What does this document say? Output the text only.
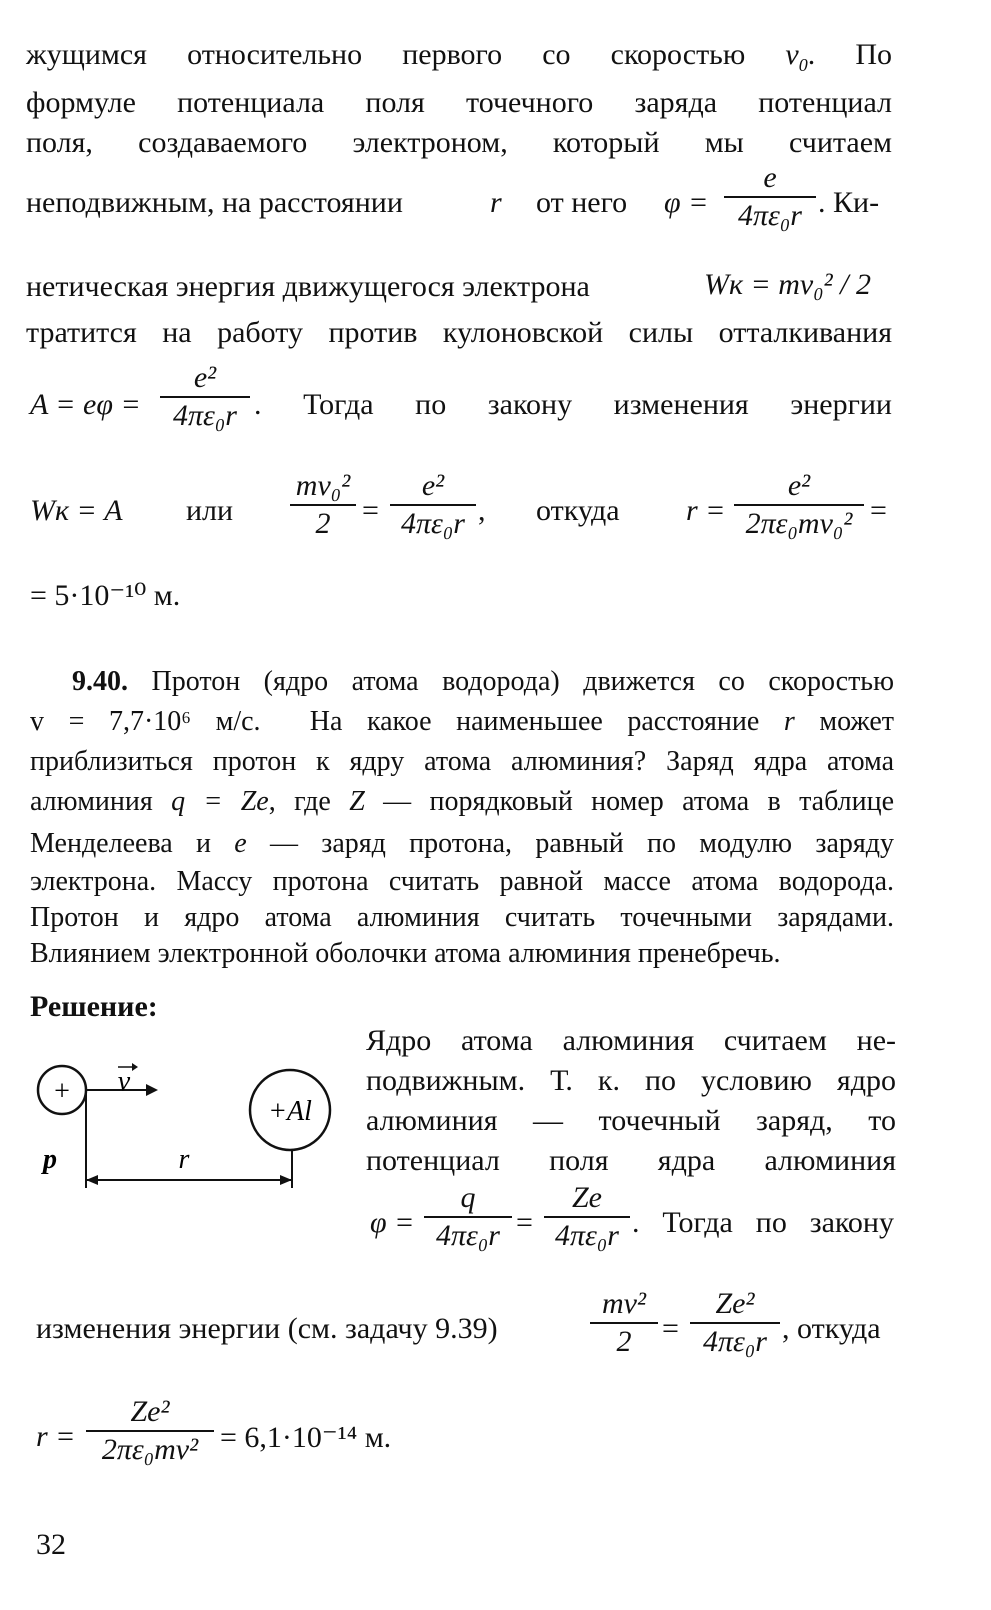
жущимся относительно первого со скоростью $v_0$. По
формуле потенциала поля точечного заряда потенциал
поля, создаваемого электроном, который мы считаем
неподвижным, на расстоянии	r от него φ =
e
4πε₀r . Ки-
нетическая энергия движущегося электрона	Wк = mv₀² / 2
тратится на работу против кулоновской силы отталкивания
A = eφ =
e²
4πε₀r . Тогда по закону изменения энергии
Wк = A или
mv₀²
2	=
e²
4πε₀r , откуда r =
e²
2πε₀mv₀² =
= 5·10⁻¹⁰ м.
9.40. Протон (ядро атома водорода) движется со скоростью
v = 7,7·10⁶ м/с. На какое наименьшее расстояние r может
приблизиться протон к ядру атома алюминия? Заряд ядра атома
алюминия q = Ze, где Z — порядковый номер атома в таблице
Менделеева и e — заряд протона, равный по модулю заряду
электрона. Массу протона считать равной массе атома водорода.
Протон и ядро атома алюминия считать точечными зарядами.
Влиянием электронной оболочки атома алюминия пренебречь.
Решение:
+
p
v
+Al
r
Ядро атома алюминия считаем не-
подвижным. Т. к. по условию ядро
алюминия — точечный заряд, то
потенциал поля ядра алюминия
φ =
q
4πε₀r =
Ze
4πε₀r . Тогда по закону
изменения энергии (см. задачу 9.39)
mv²
2	=
Ze²
4πε₀r , откуда
r =
Ze²
2πε₀mv² = 6,1·10⁻¹⁴ м.
32
